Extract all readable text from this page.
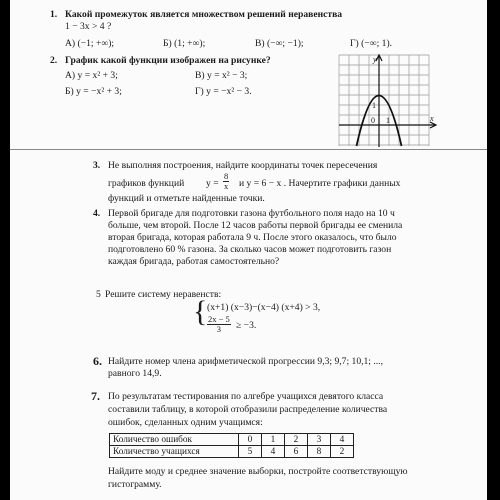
1. Какой промежуток является множеством решений неравенства
1 − 3x > 4 ?
А) (−1; +∞);	Б) (1; +∞);	В) (−∞; −1);	Г) (−∞; 1).
2. График какой функции изображен на рисунке?
А) y = x² + 3;	В) y = x² − 3;
Б) y = −x² + 3;	Г) y = −x² − 3.
y
x
0 1
1
3. Не выполняя построения, найдите координаты точек пересечения
графиков функций $y = \frac{8}{x}$ и y = 6 − x . Начертите графики данных
функций и отметьте найденные точки.
4. Первой бригаде для подготовки газона футбольного поля надо на 10 ч
больше, чем второй. После 12 часов работы первой бригады ее сменила
вторая бригада, которая работала 9 ч. После этого оказалось, что было
подготовлено 60 % газона. За сколько часов может подготовить газон
каждая бригада, работая самостоятельно?
5 Решите систему неравенств:
{ (x+1) (x−3)−(x−4) (x+4) > 3,
$\frac{2x - 5}{3} \ge -3$.
6. Найдите номер члена арифметической прогрессии 9,3; 9,7; 10,1; ...,
равного 14,9.
7. По результатам тестирования по алгебре учащихся девятого класса
составили таблицу, в которой отобразили распределение количества
ошибок, сделанных одним учащимся:
Количество ошибок	0	1	2	3	4
Количество учащихся	5	4	6	8	2
Найдите моду и среднее значение выборки, постройте соответствующую
гистограмму.
